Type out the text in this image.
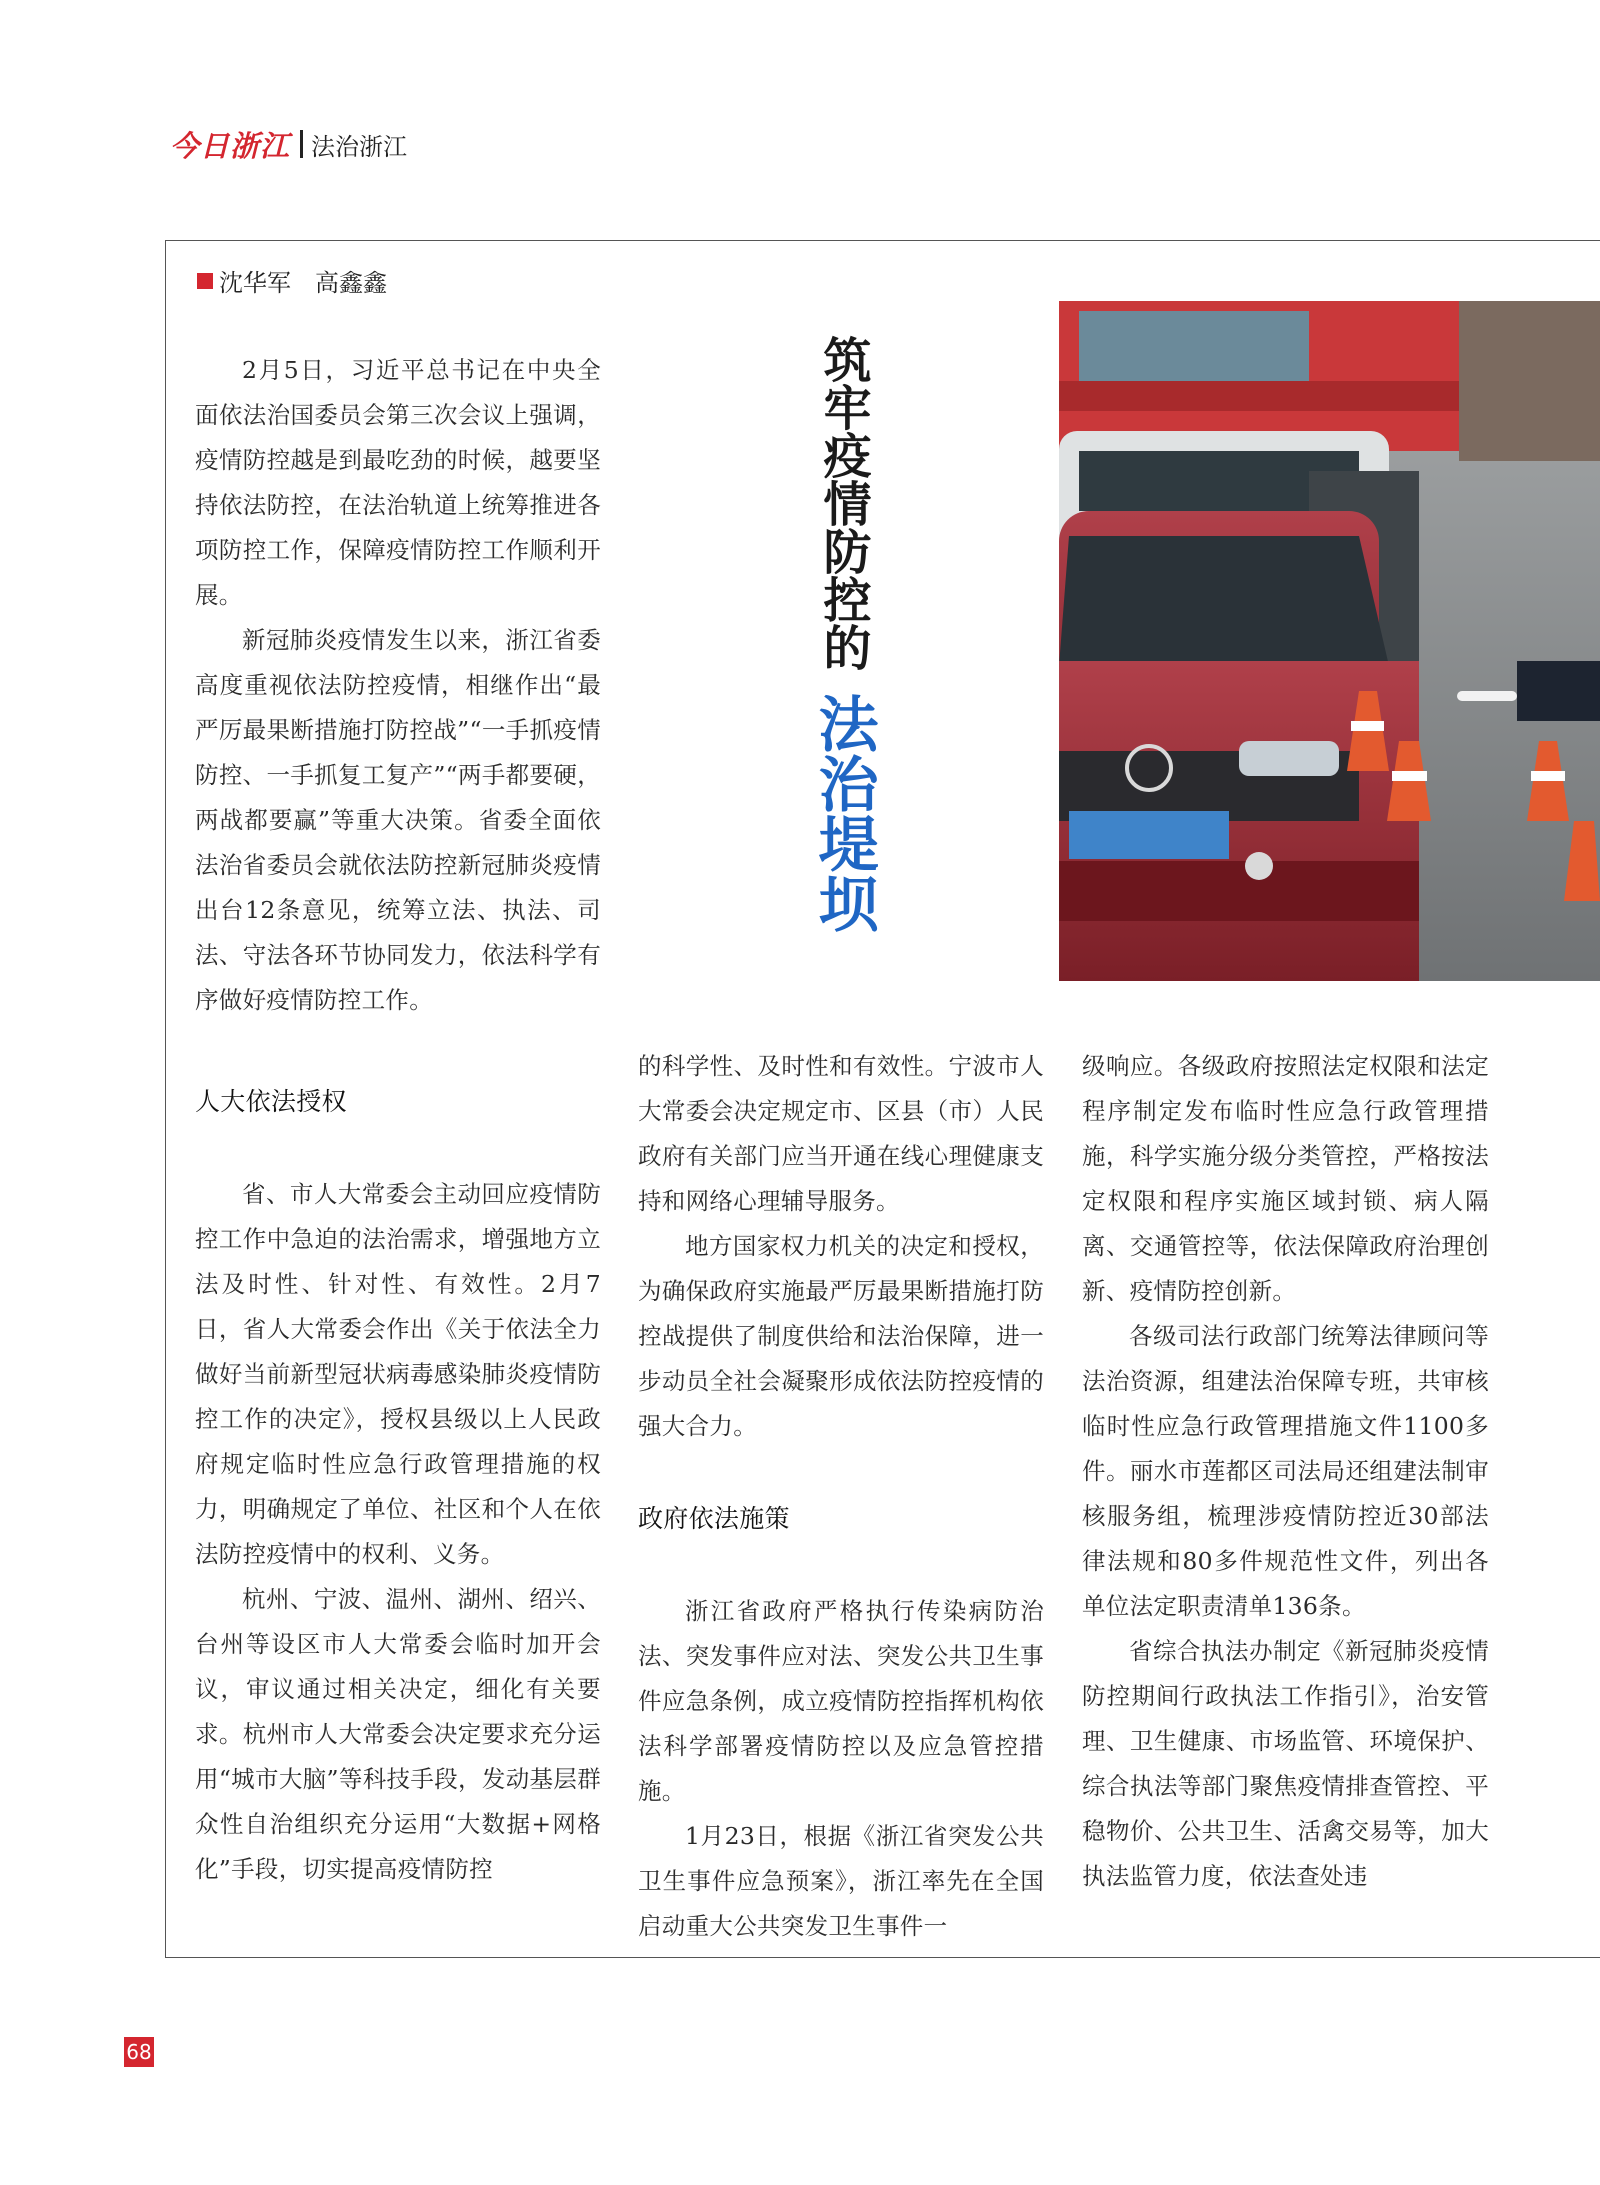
今日浙江 法治浙江
沈华军　高鑫鑫
筑牢疫情防控的
法治堤坝

2月5日，习近平总书记在中央全面依法治国委员会第三次会议上强调，疫情防控越是到最吃劲的时候，越要坚持依法防控，在法治轨道上统筹推进各项防控工作，保障疫情防控工作顺利开展。

新冠肺炎疫情发生以来，浙江省委高度重视依法防控疫情，相继作出“最严厉最果断措施打防控战”“一手抓疫情防控、一手抓复工复产”“两手都要硬，两战都要赢”等重大决策。省委全面依法治省委员会就依法防控新冠肺炎疫情出台12条意见，统筹立法、执法、司法、守法各环节协同发力，依法科学有序做好疫情防控工作。

人大依法授权

省、市人大常委会主动回应疫情防控工作中急迫的法治需求，增强地方立法及时性、针对性、有效性。2月7日，省人大常委会作出《关于依法全力做好当前新型冠状病毒感染肺炎疫情防控工作的决定》，授权县级以上人民政府规定临时性应急行政管理措施的权力，明确规定了单位、社区和个人在依法防控疫情中的权利、义务。

杭州、宁波、温州、湖州、绍兴、台州等设区市人大常委会临时加开会议，审议通过相关决定，细化有关要求。杭州市人大常委会决定要求充分运用“城市大脑”等科技手段，发动基层群众性自治组织充分运用“大数据+网格化”手段，切实提高疫情防控

的科学性、及时性和有效性。宁波市人大常委会决定规定市、区县（市）人民政府有关部门应当开通在线心理健康支持和网络心理辅导服务。

地方国家权力机关的决定和授权，为确保政府实施最严厉最果断措施打防控战提供了制度供给和法治保障，进一步动员全社会凝聚形成依法防控疫情的强大合力。

政府依法施策

浙江省政府严格执行传染病防治法、突发事件应对法、突发公共卫生事件应急条例，成立疫情防控指挥机构依法科学部署疫情防控以及应急管控措施。

1月23日，根据《浙江省突发公共卫生事件应急预案》，浙江率先在全国启动重大公共突发卫生事件一

级响应。各级政府按照法定权限和法定程序制定发布临时性应急行政管理措施，科学实施分级分类管控，严格按法定权限和程序实施区域封锁、病人隔离、交通管控等，依法保障政府治理创新、疫情防控创新。

各级司法行政部门统筹法律顾问等法治资源，组建法治保障专班，共审核临时性应急行政管理措施文件1100多件。丽水市莲都区司法局还组建法制审核服务组，梳理涉疫情防控近30部法律法规和80多件规范性文件，列出各单位法定职责清单136条。

省综合执法办制定《新冠肺炎疫情防控期间行政执法工作指引》，治安管理、卫生健康、市场监管、环境保护、综合执法等部门聚焦疫情排查管控、平稳物价、公共卫生、活禽交易等，加大执法监管力度，依法查处违

68
